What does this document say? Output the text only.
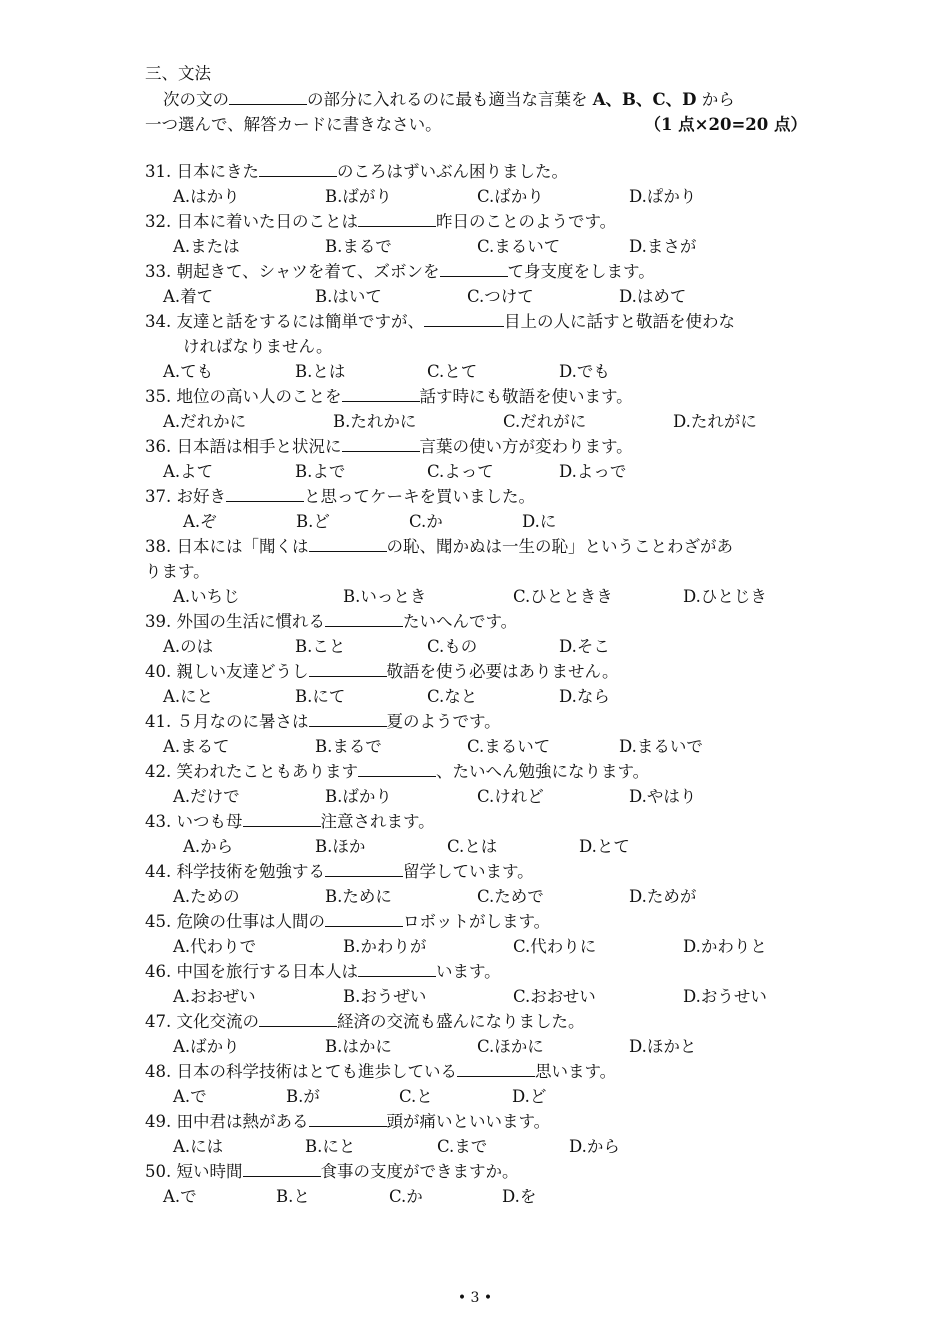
三、文法
次の文の	の部分に入れるのに最も適当な言葉を A、B、C、D から
一つ選んで、解答カードに書きなさい。	（1 点×20=20 点）
31. 日本にきた	のころはずいぶん困りました。
A.はかり	B.ばがり	C.ばかり	D.ぱかり
32. 日本に着いた日のことは	昨日のことのようです。
A.または	B.まるで	C.まるいて	D.まさが
33. 朝起きて、シャツを着て、ズボンを	て身支度をします。
A.着て	B.はいて	C.つけて	D.はめて
34. 友達と話をするには簡単ですが、	目上の人に話すと敬語を使わな
ければなりません。
A.ても	B.とは	C.とて	D.でも
35. 地位の高い人のことを	話す時にも敬語を使います。
A.だれかに	B.たれかに	C.だれがに	D.たれがに
36. 日本語は相手と状況に	言葉の使い方が変わります。
A.よて	B.よで	C.よって	D.よっで
37. お好き	と思ってケーキを買いました。
A.ぞ	B.ど	C.か	D.に
38. 日本には「聞くは	の恥、聞かぬは一生の恥」ということわざがあ
ります。
A.いちじ	B.いっとき	C.ひとときき	D.ひとじき
39. 外国の生活に慣れる	たいへんです。
A.のは	B.こと	C.もの	D.そこ
40. 親しい友達どうし	敬語を使う必要はありません。
A.にと	B.にて	C.なと	D.なら
41. ５月なのに暑さは	夏のようです。
A.まるて	B.まるで	C.まるいて	D.まるいで
42. 笑われたこともあります	、たいへん勉強になります。
A.だけで	B.ばかり	C.けれど	D.やはり
43. いつも母	注意されます。
A.から	B.ほか	C.とは	D.とて
44. 科学技術を勉強する	留学しています。
A.ための	B.ために	C.ためで	D.ためが
45. 危険の仕事は人間の	ロボットがします。
A.代わりで	B.かわりが	C.代わりに	D.かわりと
46. 中国を旅行する日本人は	います。
A.おおぜい	B.おうぜい	C.おおせい	D.おうせい
47. 文化交流の	経済の交流も盛んになりました。
A.ばかり	B.はかに	C.ほかに	D.ほかと
48. 日本の科学技術はとても進歩している	思います。
A.で	B.が	C.と	D.ど
49. 田中君は熱がある	頭が痛いといいます。
A.には	B.にと	C.まで	D.から
50. 短い時間	食事の支度ができますか。
A.で	B.と	C.か	D.を
• 3 •
